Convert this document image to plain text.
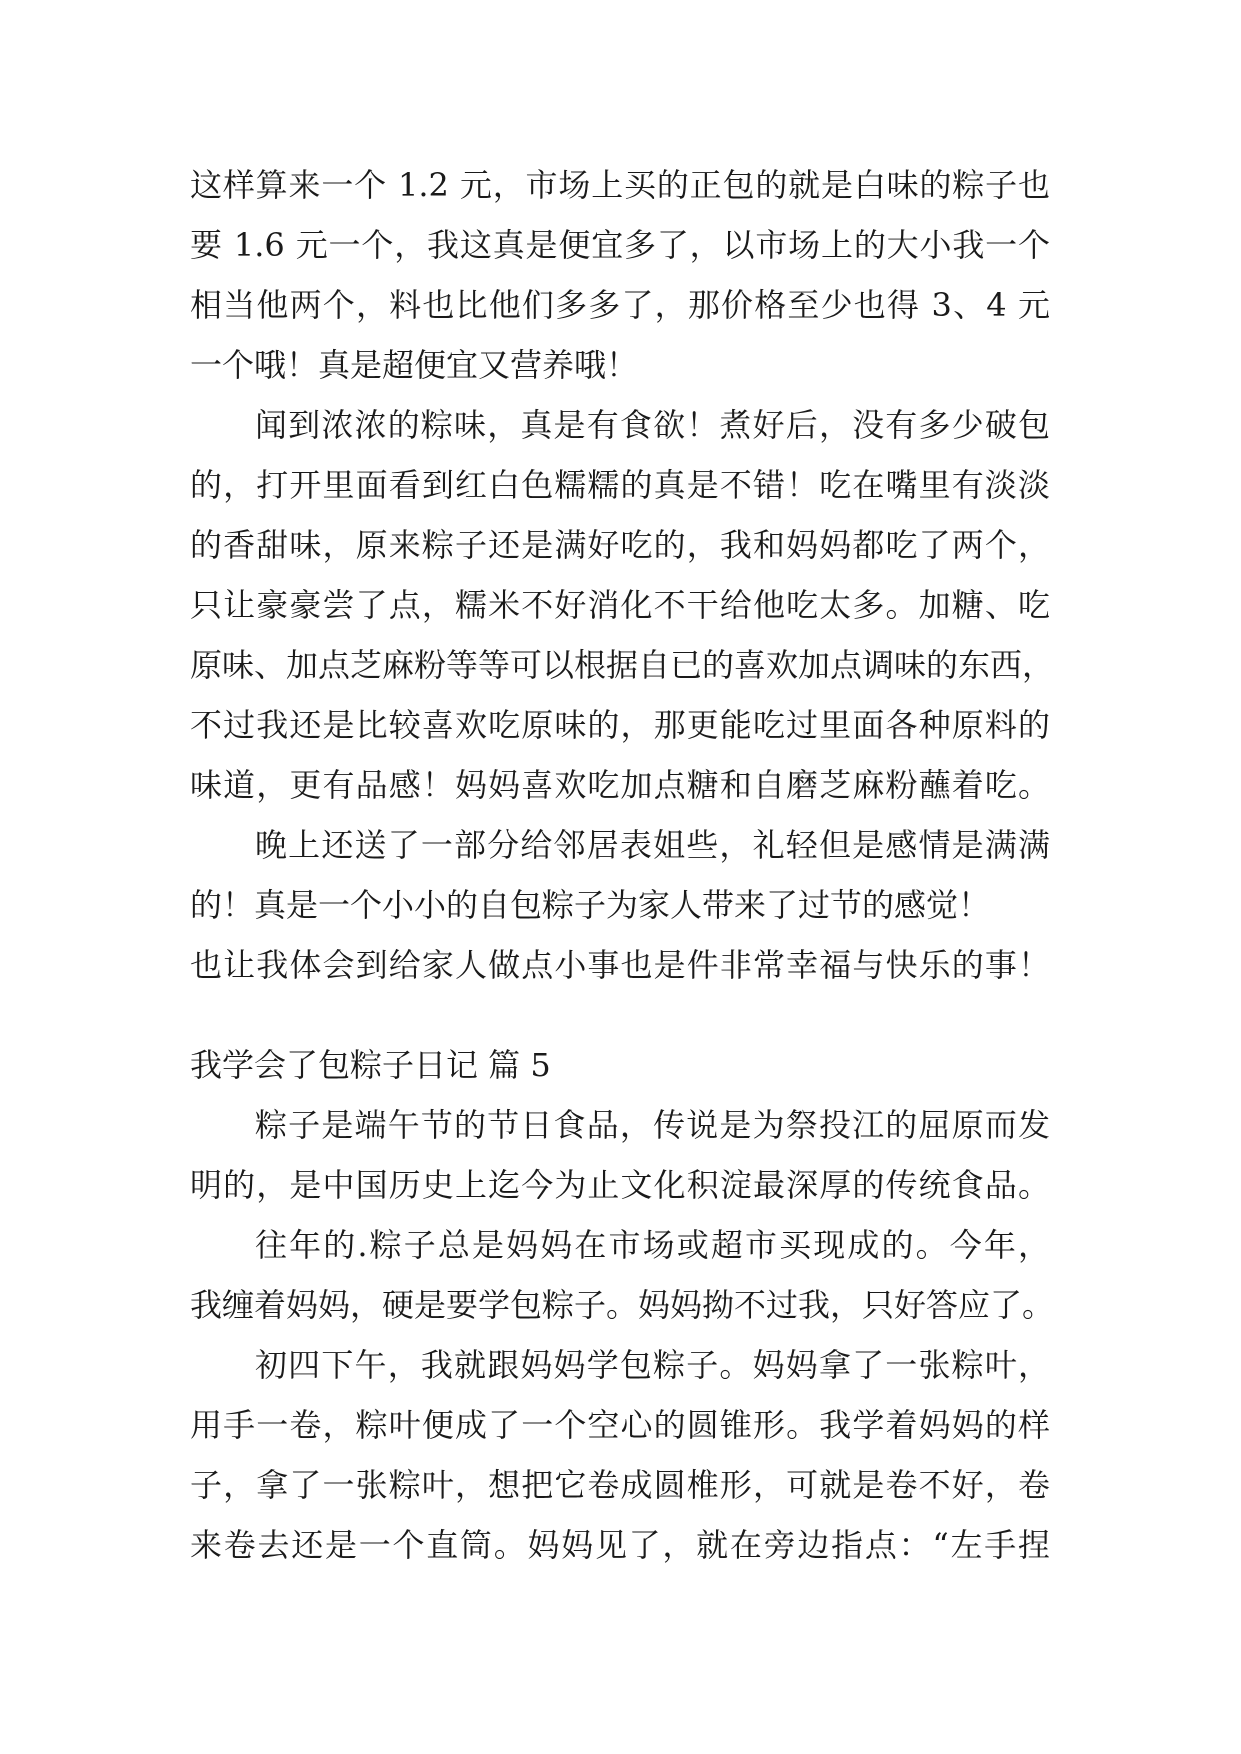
这样算来一个 1.2 元，市场上买的正包的就是白味的粽子也
要 1.6 元一个，我这真是便宜多了，以市场上的大小我一个
相当他两个，料也比他们多多了，那价格至少也得 3、4 元
一个哦！真是超便宜又营养哦！
闻到浓浓的粽味，真是有食欲！煮好后，没有多少破包
的，打开里面看到红白色糯糯的真是不错！吃在嘴里有淡淡
的香甜味，原来粽子还是满好吃的，我和妈妈都吃了两个，
只让豪豪尝了点，糯米不好消化不干给他吃太多。加糖、吃
原味、加点芝麻粉等等可以根据自已的喜欢加点调味的东西，
不过我还是比较喜欢吃原味的，那更能吃过里面各种原料的
味道，更有品感！妈妈喜欢吃加点糖和自磨芝麻粉蘸着吃。
晚上还送了一部分给邻居表姐些，礼轻但是感情是满满
的！真是一个小小的自包粽子为家人带来了过节的感觉！
也让我体会到给家人做点小事也是件非常幸福与快乐的事！
我学会了包粽子日记 篇 5
粽子是端午节的节日食品，传说是为祭投江的屈原而发
明的，是中国历史上迄今为止文化积淀最深厚的传统食品。
往年的.粽子总是妈妈在市场或超市买现成的。今年，
我缠着妈妈，硬是要学包粽子。妈妈拗不过我，只好答应了。
初四下午，我就跟妈妈学包粽子。妈妈拿了一张粽叶，
用手一卷，粽叶便成了一个空心的圆锥形。我学着妈妈的样
子，拿了一张粽叶，想把它卷成圆椎形，可就是卷不好，卷
来卷去还是一个直筒。妈妈见了，就在旁边指点：“左手捏
